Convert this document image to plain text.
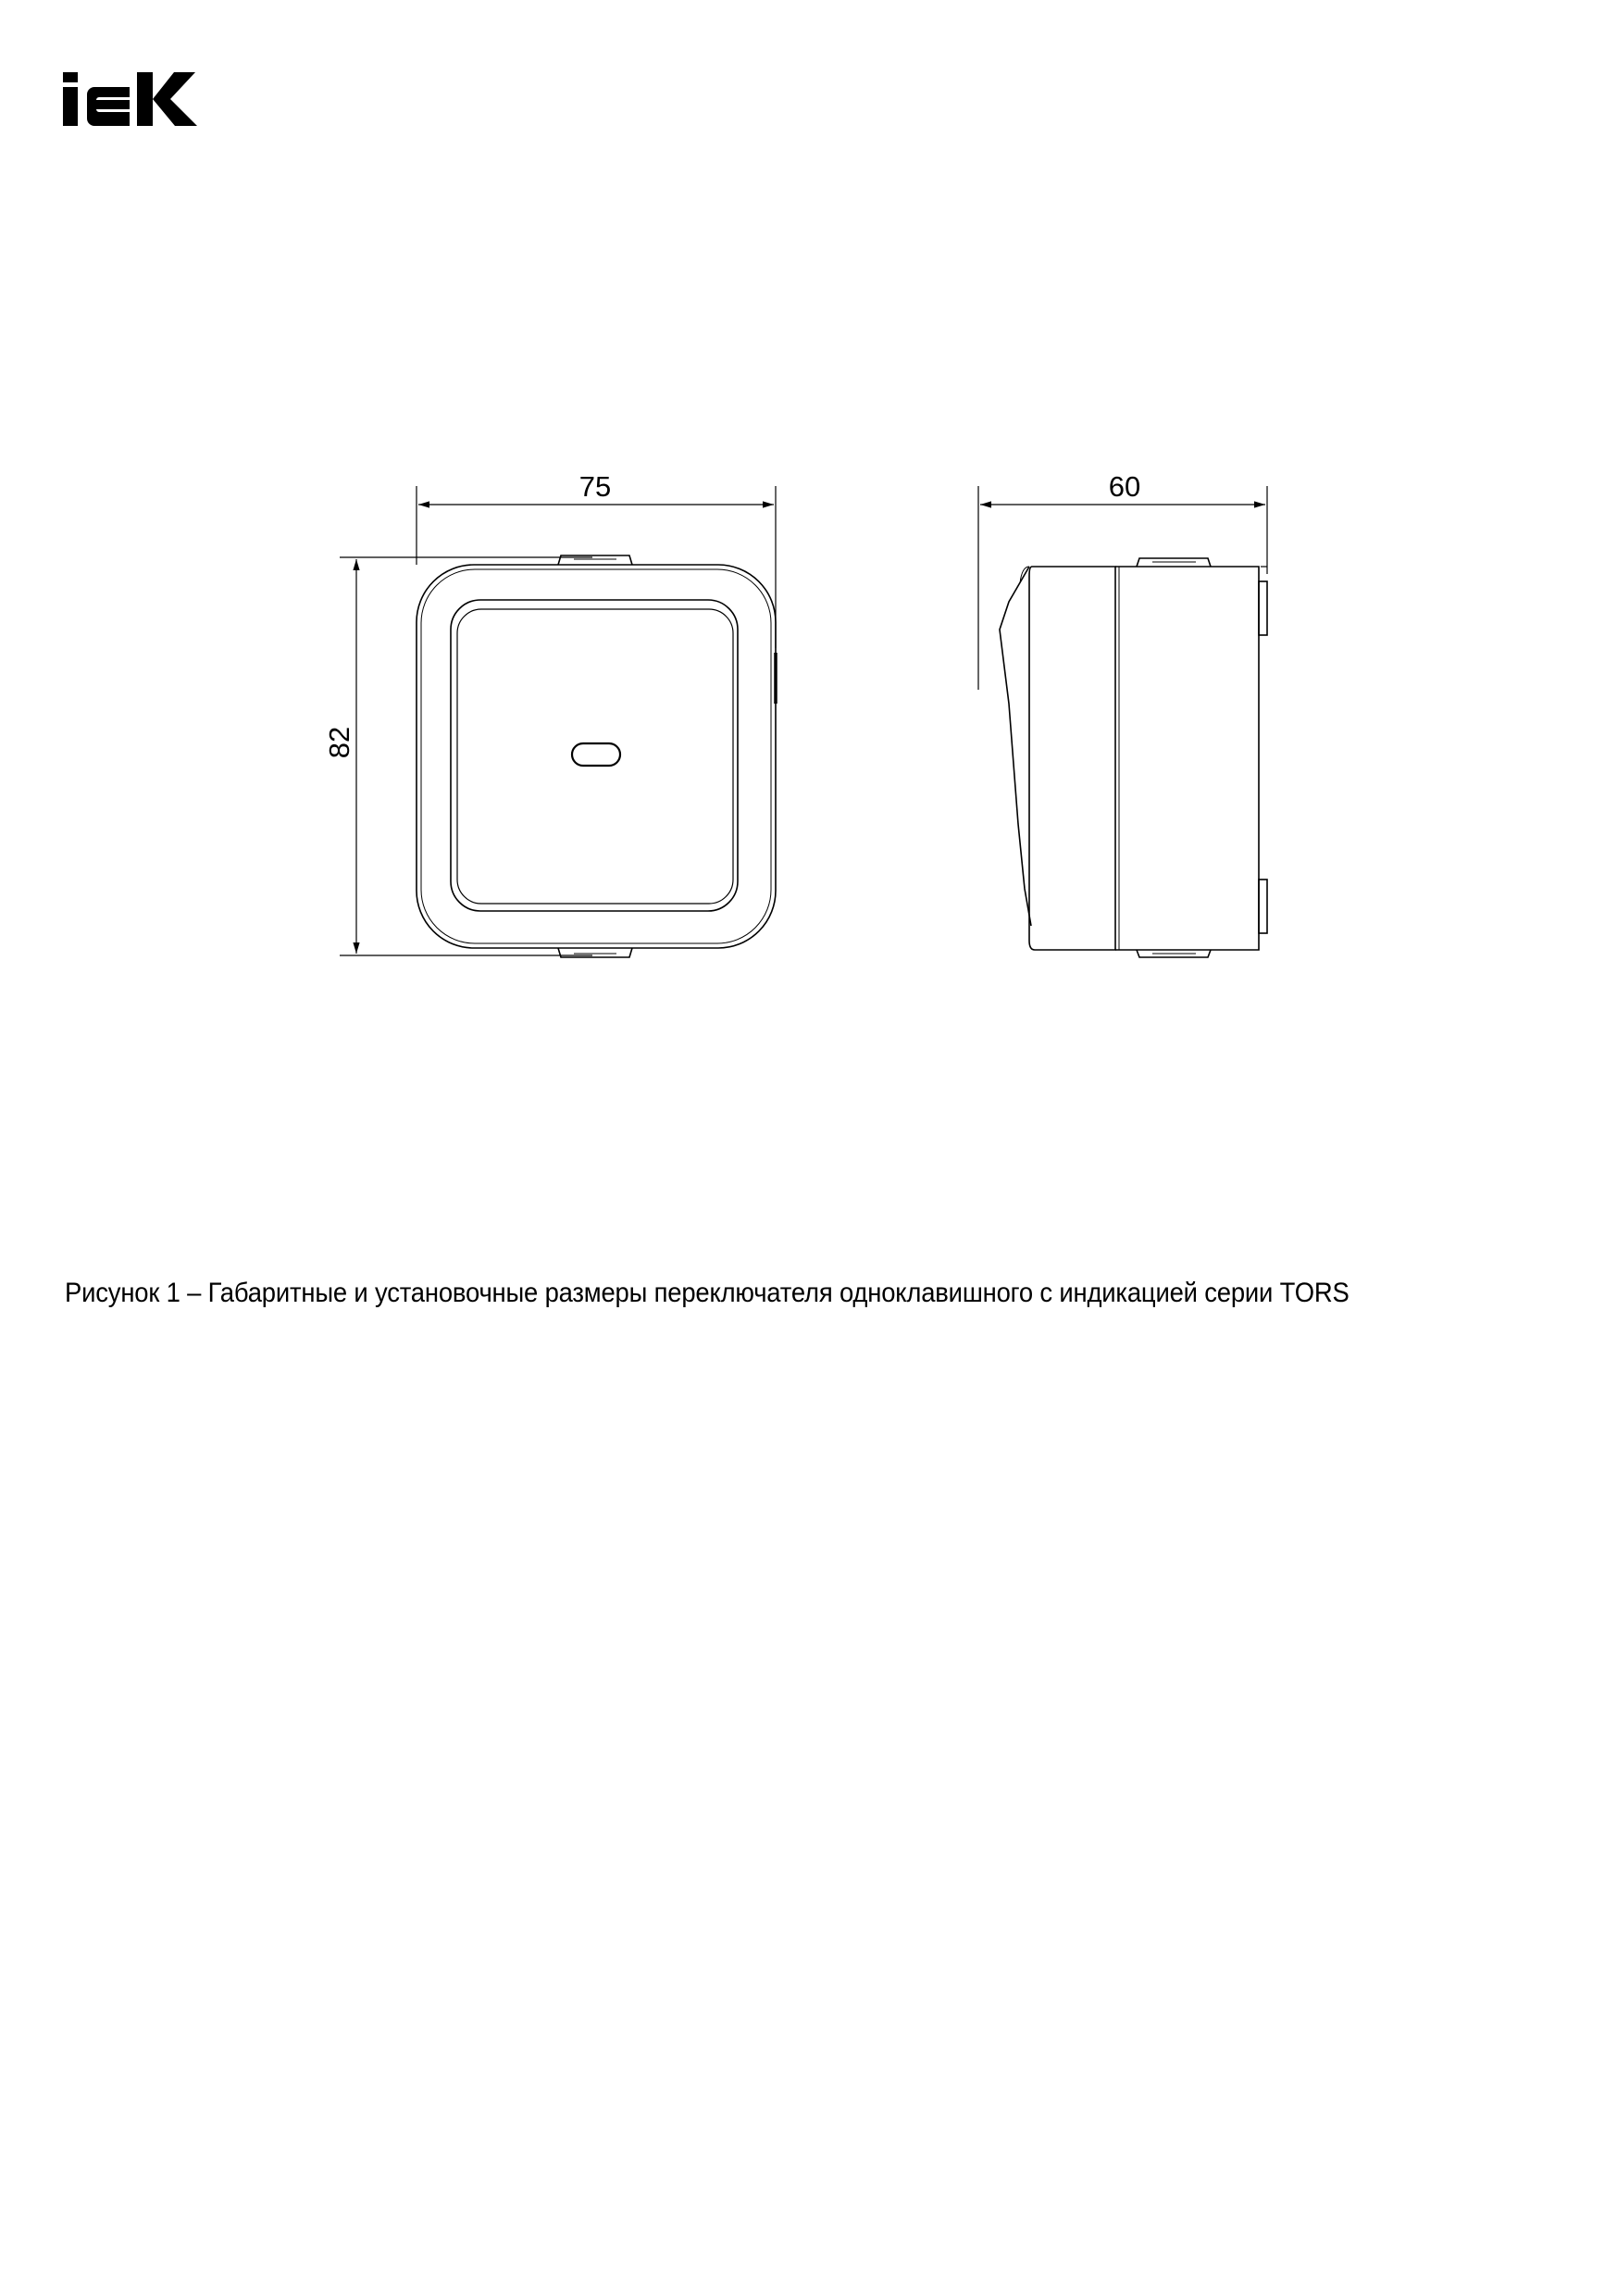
75
82
60
Рисунок 1 – Габаритные и установочные размеры переключателя одноклавишного с индикацией серии TORS
